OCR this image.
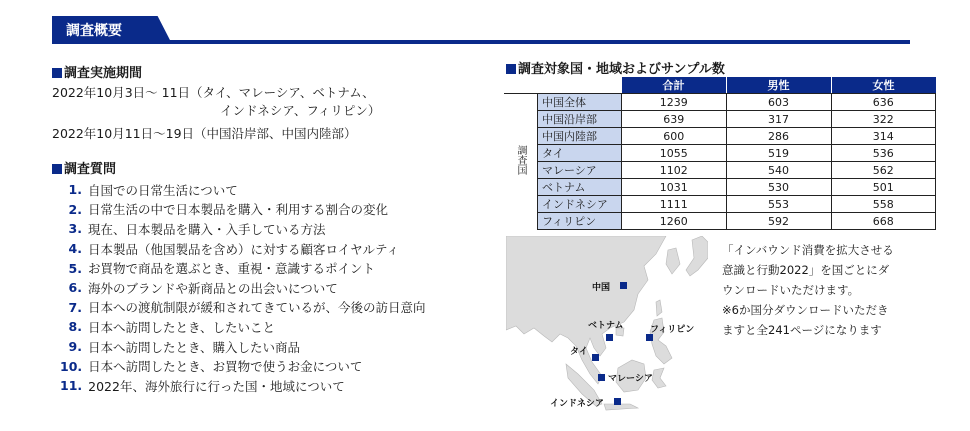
調査概要
調査実施期間
2022年10月3日～ 11日（タイ、マレーシア、ベトナム、
インドネシア、フィリピン）
2022年10月11日～19日（中国沿岸部、中国内陸部）
調査質問
1. 自国での日常生活について
2. 日常生活の中で日本製品を購入・利用する割合の変化
3. 現在、日本製品を購入・入手している方法
4. 日本製品（他国製品を含め）に対する顧客ロイヤルティ
5. お買物で商品を選ぶとき、重視・意識するポイント
6. 海外のブランドや新商品との出会いについて
7. 日本への渡航制限が緩和されてきているが、今後の訪日意向
8. 日本へ訪問したとき、したいこと
9. 日本へ訪問したとき、購入したい商品
10. 日本へ訪問したとき、お買物で使うお金について
11. 2022年、海外旅行に行った国・地域について
調査対象国・地域およびサンプル数
		合計	男性	女性
調査国	中国全体	1239	603	636
	中国沿岸部	639	317	322
	中国内陸部	600	286	314
	タイ	1055	519	536
	マレーシア	1102	540	562
	ベトナム	1031	530	501
	インドネシア	1111	553	558
	フィリピン	1260	592	668
中国
ベトナム	フィリピン
タイ
マレーシア
インドネシア
「インバウンド消費を拡大させる
意識と行動2022」を国ごとにダ
ウンロードいただけます。
※6か国分ダウンロードいただき
ますと全241ページになります
